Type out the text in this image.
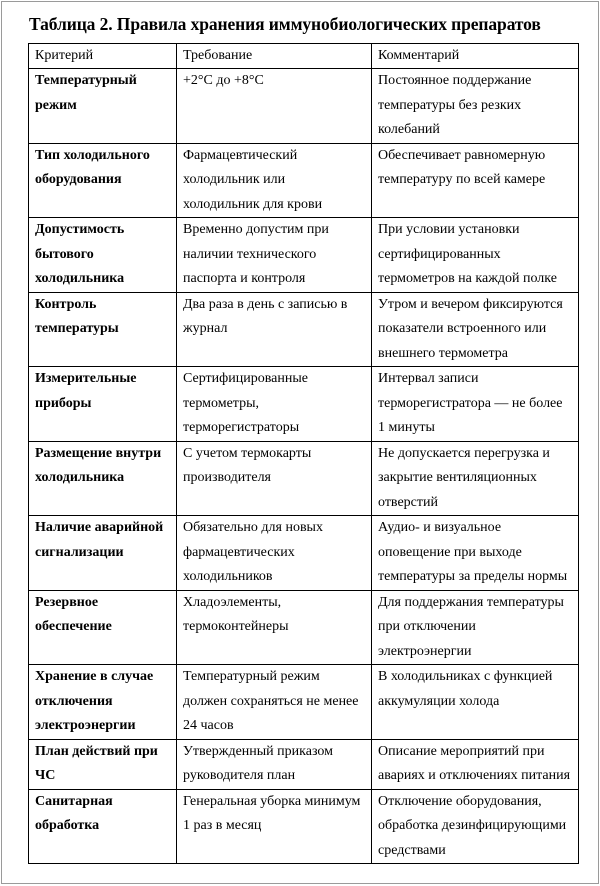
Таблица 2. Правила хранения иммунобиологических препаратов
Критерий	Требование	Комментарий
Температурный режим	+2°С до +8°С	Постоянное поддержание температуры без резких колебаний
Тип холодильного оборудования	Фармацевтический холодильник или холодильник для крови	Обеспечивает равномерную температуру по всей камере
Допустимость бытового холодильника	Временно допустим при наличии технического паспорта и контроля	При условии установки сертифицированных термометров на каждой полке
Контроль температуры	Два раза в день с записью в журнал	Утром и вечером фиксируются показатели встроенного или внешнего термометра
Измерительные приборы	Сертифицированные термометры, терморегистраторы	Интервал записи терморегистратора — не более 1 минуты
Размещение внутри холодильника	С учетом термокарты производителя	Не допускается перегрузка и закрытие вентиляционных отверстий
Наличие аварийной сигнализации	Обязательно для новых фармацевтических холодильников	Аудио- и визуальное оповещение при выходе температуры за пределы нормы
Резервное обеспечение	Хладоэлементы, термоконтейнеры	Для поддержания температуры при отключении электроэнергии
Хранение в случае отключения электроэнергии	Температурный режим должен сохраняться не менее 24 часов	В холодильниках с функцией аккумуляции холода
План действий при ЧС	Утвержденный приказом руководителя план	Описание мероприятий при авариях и отключениях питания
Санитарная обработка	Генеральная уборка минимум 1 раз в месяц	Отключение оборудования, обработка дезинфицирующими средствами
